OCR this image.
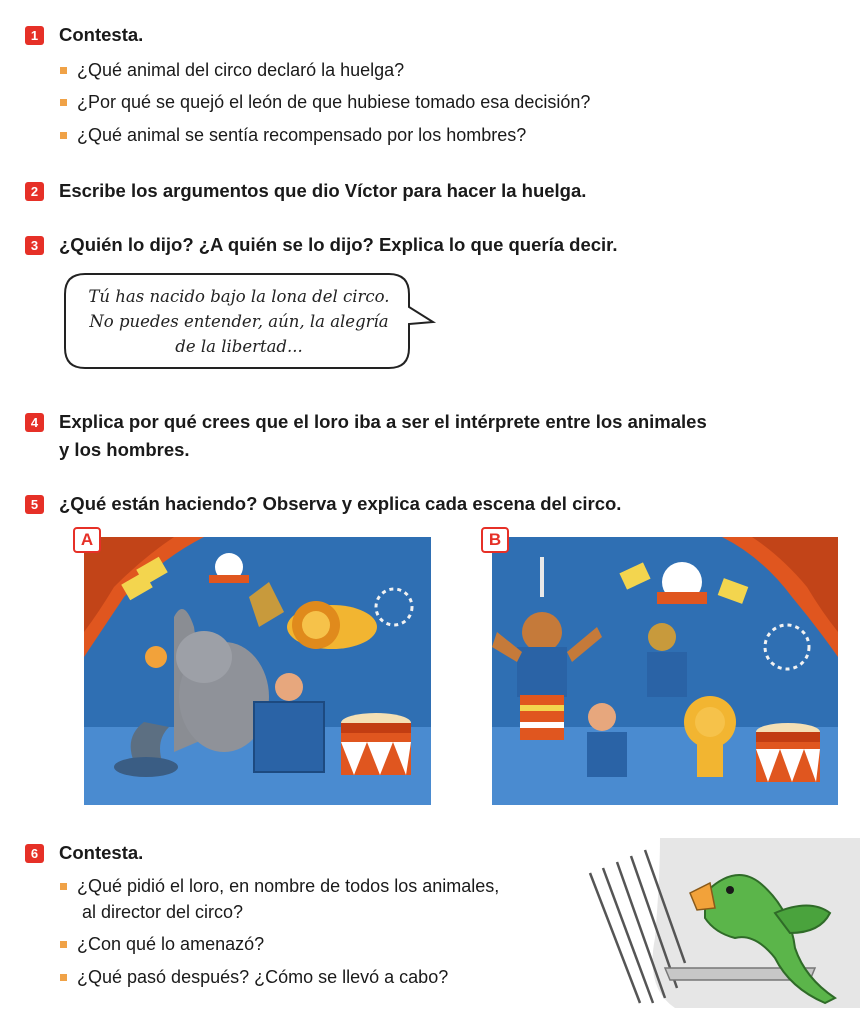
1	Contesta.
¿Qué animal del circo declaró la huelga?
¿Por qué se quejó el león de que hubiese tomado esa decisión?
¿Qué animal se sentía recompensado por los hombres?
2	Escribe los argumentos que dio Víctor para hacer la huelga.
3	¿Quién lo dijo? ¿A quién se lo dijo? Explica lo que quería decir.
Tú has nacido bajo la lona del circo.
No puedes entender, aún, la alegría
de la libertad...
4	Explica por qué crees que el loro iba a ser el intérprete entre los animales
y los hombres.
5	¿Qué están haciendo? Observa y explica cada escena del circo.
A	B
6	Contesta.
¿Qué pidió el loro, en nombre de todos los animales,
al director del circo?
¿Con qué lo amenazó?
¿Qué pasó después? ¿Cómo se llevó a cabo?
